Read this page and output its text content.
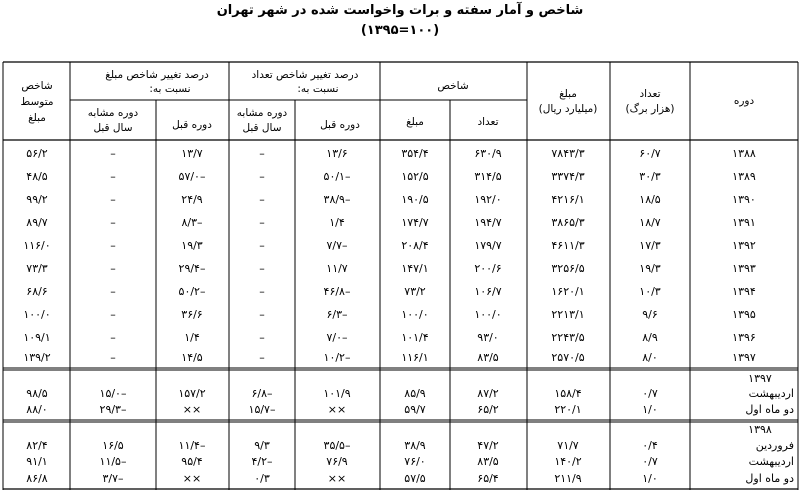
شاخص و آمار سفته و برات واخواست شده در شهر تهران
(۱۰۰=۱۳۹۵)
دوره
تعداد
(هزار برگ)
مبلغ
(میلیارد ریال)
شاخص
تعداد
مبلغ
درصد تغییر شاخص تعداد
نسبت به:
دوره قبل
دوره مشابه
سال قبل
درصد تغییر شاخص مبلغ
نسبت به:
دوره قبل
دوره مشابه
سال قبل
شاخص
متوسط
مبلغ
۱۳۸۸
۶۰/۷
۷۸۴۳/۳
۶۳۰/۹
۳۵۴/۴
۱۳/۶
–
۱۳/۷
–
۵۶/۲
۱۳۸۹
۳۰/۳
۳۳۷۴/۳
۳۱۴/۵
۱۵۲/۵
–۵۰/۱
–
–۵۷/۰
–
۴۸/۵
۱۳۹۰
۱۸/۵
۴۲۱۶/۱
۱۹۲/۰
۱۹۰/۵
–۳۸/۹
–
۲۴/۹
–
۹۹/۲
۱۳۹۱
۱۸/۷
۳۸۶۵/۳
۱۹۴/۷
۱۷۴/۷
۱/۴
–
–۸/۳
–
۸۹/۷
۱۳۹۲
۱۷/۳
۴۶۱۱/۳
۱۷۹/۷
۲۰۸/۴
–۷/۷
–
۱۹/۳
–
۱۱۶/۰
۱۳۹۳
۱۹/۳
۳۲۵۶/۵
۲۰۰/۶
۱۴۷/۱
۱۱/۷
–
–۲۹/۴
–
۷۳/۳
۱۳۹۴
۱۰/۳
۱۶۲۰/۱
۱۰۶/۷
۷۳/۲
–۴۶/۸
–
–۵۰/۲
–
۶۸/۶
۱۳۹۵
۹/۶
۲۲۱۳/۱
۱۰۰/۰
۱۰۰/۰
–۶/۳
–
۳۶/۶
–
۱۰۰/۰
۱۳۹۶
۸/۹
۲۲۴۳/۵
۹۳/۰
۱۰۱/۴
–۷/۰
–
۱/۴
–
۱۰۹/۱
۱۳۹۷
۸/۰
۲۵۷۰/۵
۸۳/۵
۱۱۶/۱
–۱۰/۲
–
۱۴/۵
–
۱۳۹/۲
۱۳۹۷
اردیبهشت
۰/۷
۱۵۸/۴
۸۷/۲
۸۵/۹
۱۰۱/۹
–۶/۸
۱۵۷/۲
–۱۵/۰
۹۸/۵
دو ماه اول
۱/۰
۲۲۰/۱
۶۵/۲
۵۹/۷
××
–۱۵/۷
××
–۲۹/۳
۸۸/۰
۱۳۹۸
فروردین
۰/۴
۷۱/۷
۴۷/۲
۳۸/۹
–۳۵/۵
۹/۳
–۱۱/۴
۱۶/۵
۸۲/۴
اردیبهشت
۰/۷
۱۴۰/۲
۸۳/۵
۷۶/۰
۷۶/۹
–۴/۲
۹۵/۴
–۱۱/۵
۹۱/۱
دو ماه اول
۱/۰
۲۱۱/۹
۶۵/۴
۵۷/۵
××
۰/۳
××
–۳/۷
۸۶/۸
